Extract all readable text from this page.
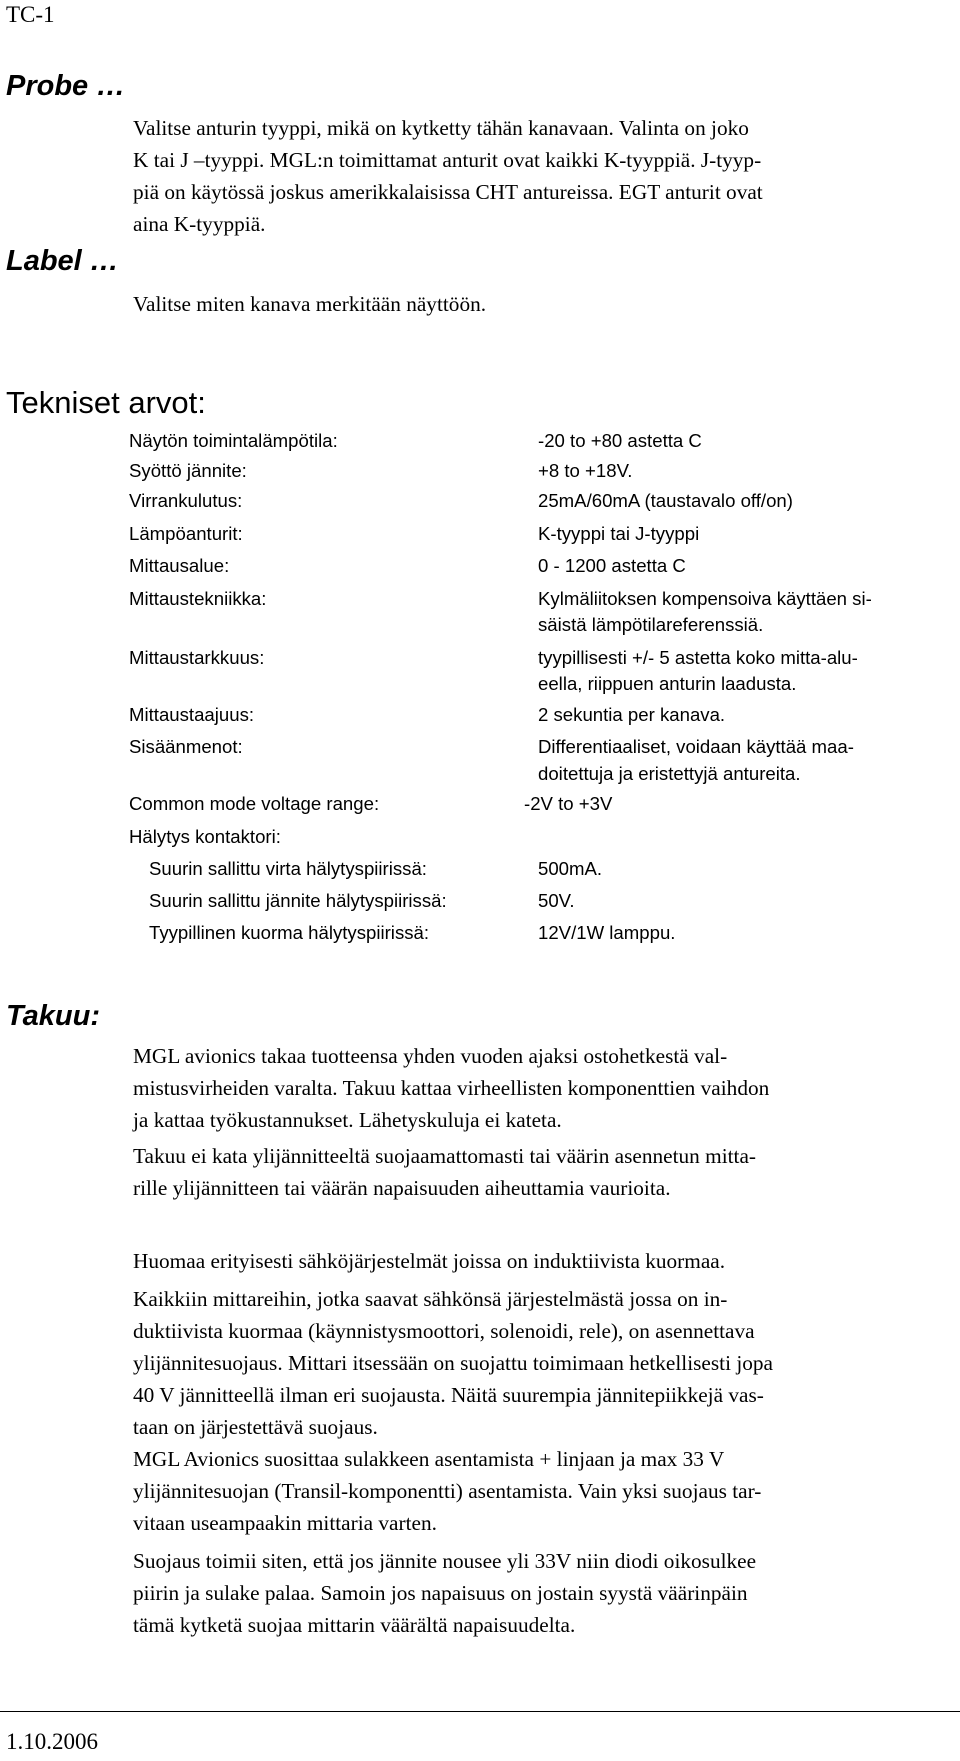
TC-1
Probe …

Valitse anturin tyyppi, mikä on kytketty tähän kanavaan. Valinta on joko

K tai J –tyyppi. MGL:n toimittamat anturit ovat kaikki K-tyyppiä. J-tyyp-

piä on käytössä joskus amerikkalaisissa CHT antureissa. EGT anturit ovat

aina K-tyyppiä.

Label …

Valitse miten kanava merkitään näyttöön.

Tekniset arvot:
Näytön toimintalämpötila:	-20 to +80 astetta C
Syöttö jännite:	+8 to +18V.
Virrankulutus:	25mA/60mA (taustavalo off/on)
Lämpöanturit:	K-tyyppi tai J-tyyppi
Mittausalue:	0 - 1200 astetta C
Mittaustekniikka:	Kylmäliitoksen kompensoiva käyttäen si-
säistä lämpötilareferenssiä.
Mittaustarkkuus:	tyypillisesti +/- 5 astetta koko mitta-alu-
eella, riippuen anturin laadusta.
Mittaustaajuus:	2 sekuntia per kanava.
Sisäänmenot:	Differentiaaliset, voidaan käyttää maa-
doitettuja ja eristettyjä antureita.
Common mode voltage range:	-2V to +3V
Hälytys kontaktori:
Suurin sallittu virta hälytyspiirissä:	500mA.
Suurin sallittu jännite hälytyspiirissä:	50V.
Tyypillinen kuorma hälytyspiirissä:	12V/1W lamppu.
Takuu:

MGL avionics takaa tuotteensa yhden vuoden ajaksi ostohetkestä val-

mistusvirheiden varalta. Takuu kattaa virheellisten komponenttien vaihdon

ja kattaa työkustannukset. Lähetyskuluja ei kateta.

Takuu ei kata ylijännitteeltä suojaamattomasti tai väärin asennetun mitta-

rille ylijännitteen tai väärän napaisuuden aiheuttamia vaurioita.

Huomaa erityisesti sähköjärjestelmät joissa on induktiivista kuormaa.

Kaikkiin mittareihin, jotka saavat sähkönsä järjestelmästä jossa on in-

duktiivista kuormaa (käynnistysmoottori, solenoidi, rele), on asennettava

ylijännitesuojaus. Mittari itsessään on suojattu toimimaan hetkellisesti jopa

40 V jännitteellä ilman eri suojausta. Näitä suurempia jännitepiikkejä vas-

taan on järjestettävä suojaus.

MGL Avionics suosittaa sulakkeen asentamista + linjaan ja max 33 V

ylijännitesuojan (Transil-komponentti) asentamista. Vain yksi suojaus tar-

vitaan useampaakin mittaria varten.

Suojaus toimii siten, että jos jännite nousee yli 33V niin diodi oikosulkee

piirin ja sulake palaa. Samoin jos napaisuus on jostain syystä väärinpäin

tämä kytketä suojaa mittarin väärältä napaisuudelta.

1.10.2006
